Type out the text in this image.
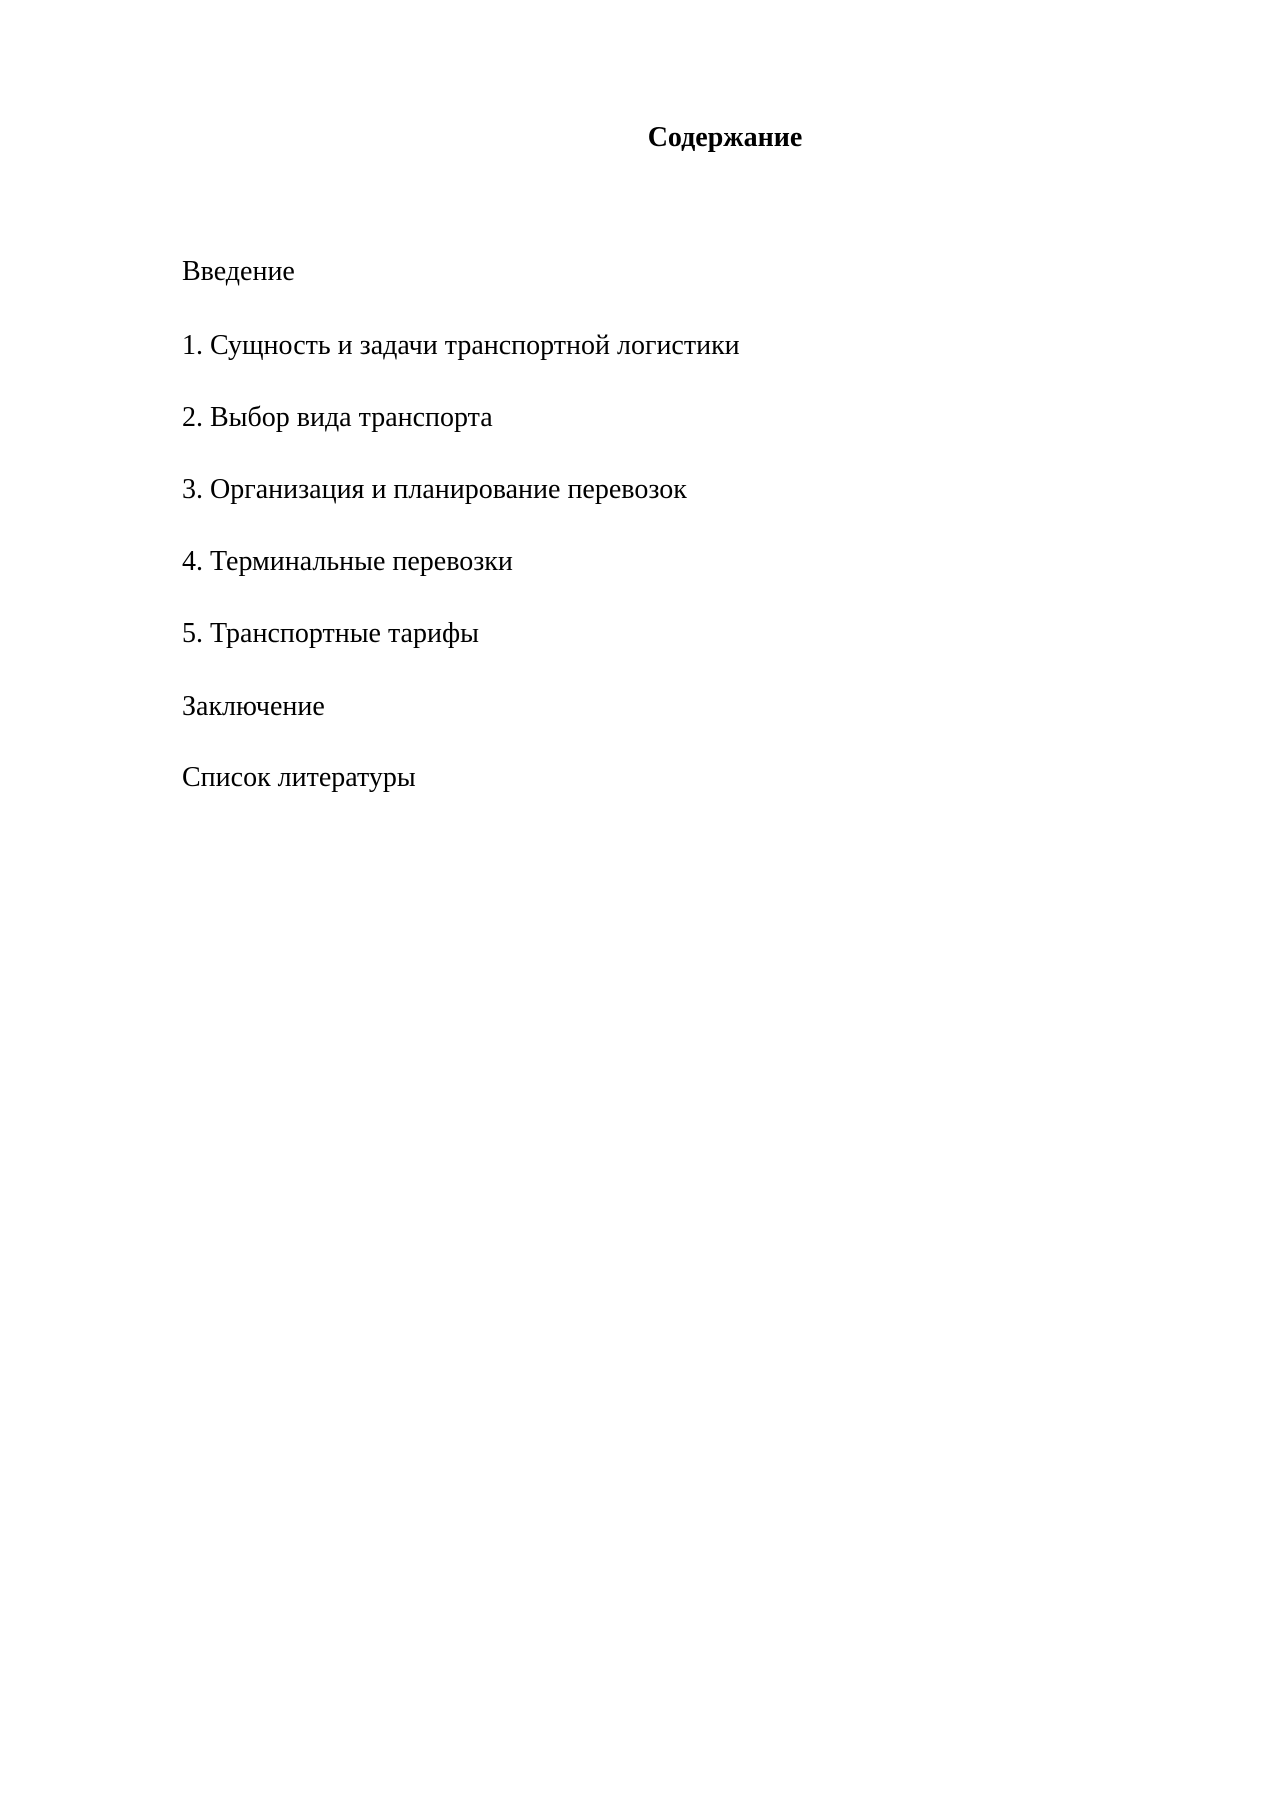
Содержание
Введение
1. Сущность и задачи транспортной логистики
2. Выбор вида транспорта
3. Организация и планирование перевозок
4. Терминальные перевозки
5. Транспортные тарифы
Заключение
Список литературы
